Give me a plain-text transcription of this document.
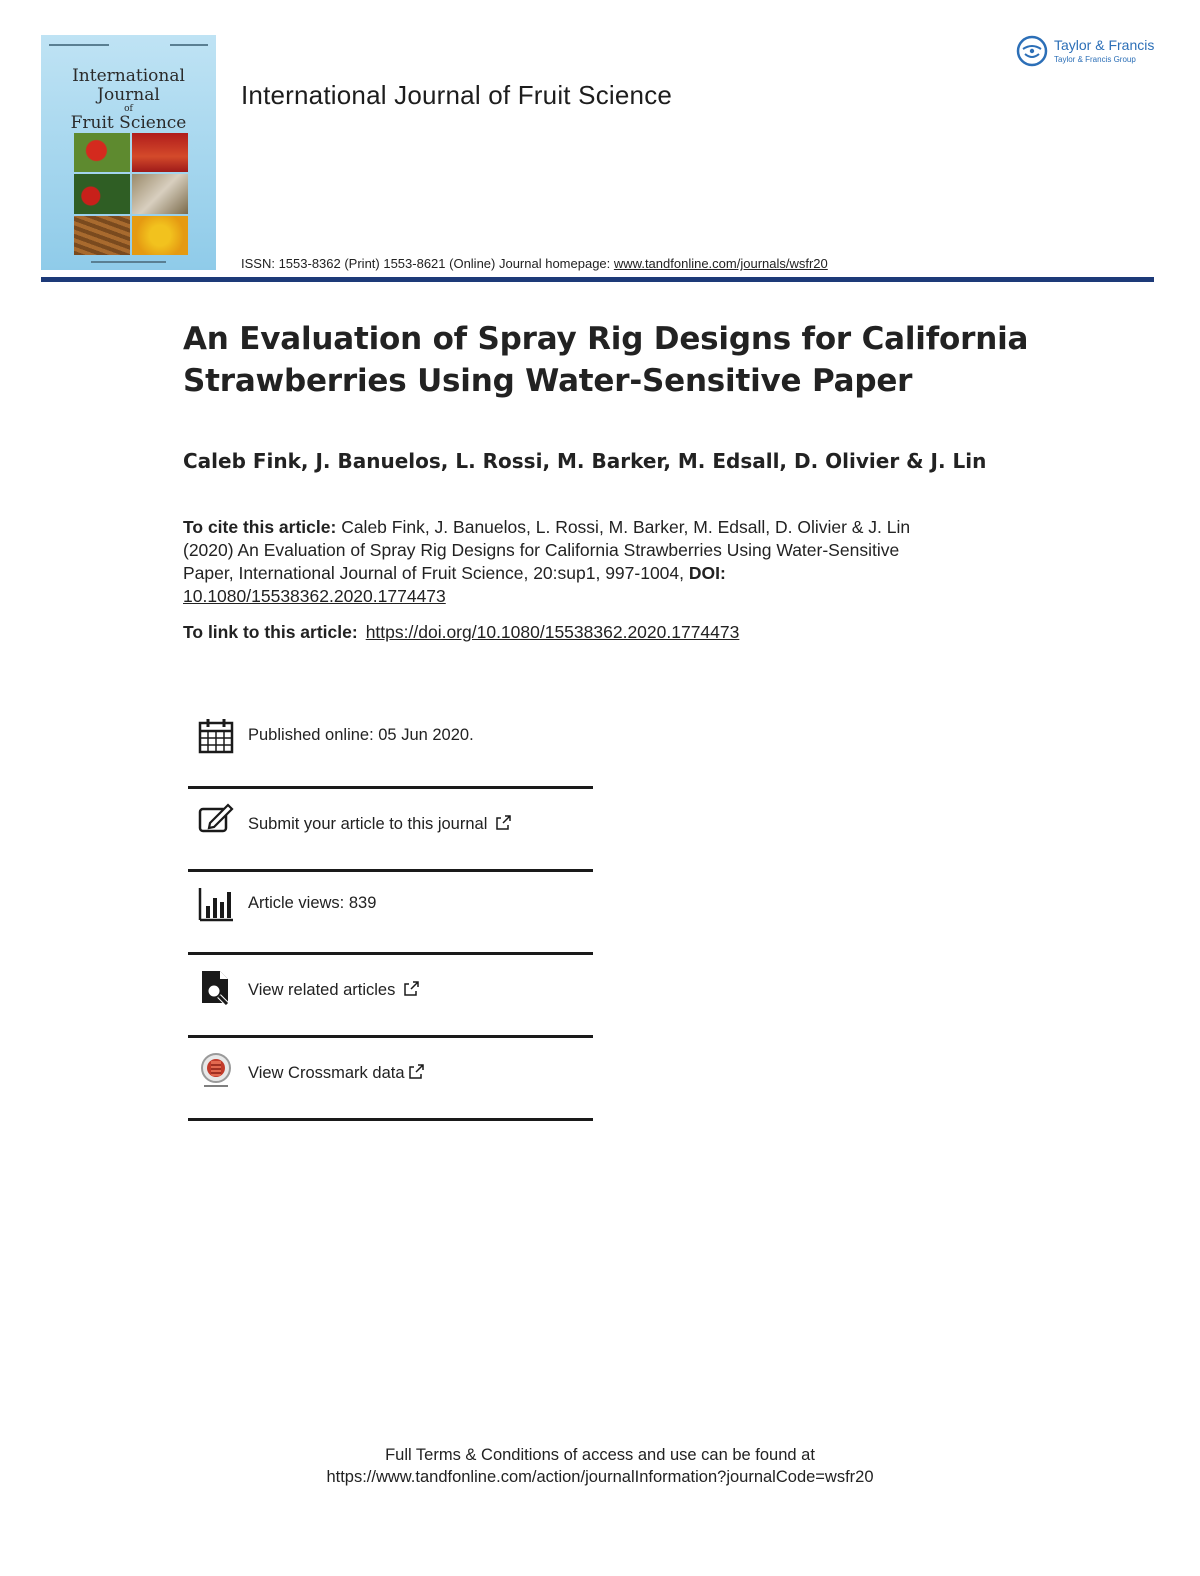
International
Journal
of
Fruit Science
International Journal of Fruit Science
Taylor & Francis
Taylor & Francis Group
ISSN: 1553-8362 (Print) 1553-8621 (Online) Journal homepage: www.tandfonline.com/journals/wsfr20
An Evaluation of Spray Rig Designs for California Strawberries Using Water-Sensitive Paper
Caleb Fink, J. Banuelos, L. Rossi, M. Barker, M. Edsall, D. Olivier & J. Lin
To cite this article: Caleb Fink, J. Banuelos, L. Rossi, M. Barker, M. Edsall, D. Olivier & J. Lin (2020) An Evaluation of Spray Rig Designs for California Strawberries Using Water-Sensitive Paper, International Journal of Fruit Science, 20:sup1, 997-1004, DOI:
10.1080/15538362.2020.1774473
To link to this article: https://doi.org/10.1080/15538362.2020.1774473
Published online: 05 Jun 2020.
Submit your article to this journal
Article views: 839
View related articles
View Crossmark data
Full Terms & Conditions of access and use can be found at
https://www.tandfonline.com/action/journalInformation?journalCode=wsfr20
